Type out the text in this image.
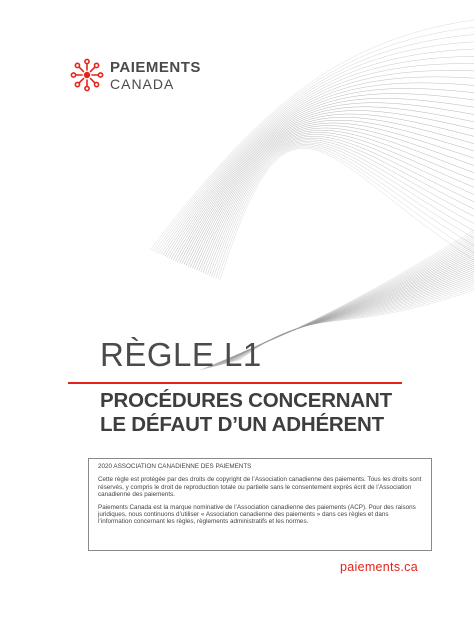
PAIEMENTS
CANADA
RÈGLE L1
PROCÉDURES CONCERNANT
LE DÉFAUT D’UN ADHÉRENT

2020 ASSOCIATION CANADIENNE DES PAIEMENTS

Cette règle est protégée par des droits de copyright de l’Association canadienne des paiements. Tous les droits sont réservés, y compris le droit de reproduction totale ou partielle sans le consentement exprès écrit de l’Association canadienne des paiements.

Paiements Canada est la marque nominative de l’Association canadienne des paiements (ACP). Pour des raisons juridiques, nous continuons d’utiliser « Association canadienne des paiements » dans ces règles et dans l’information concernant les règles, règlements administratifs et les normes.

paiements.ca
